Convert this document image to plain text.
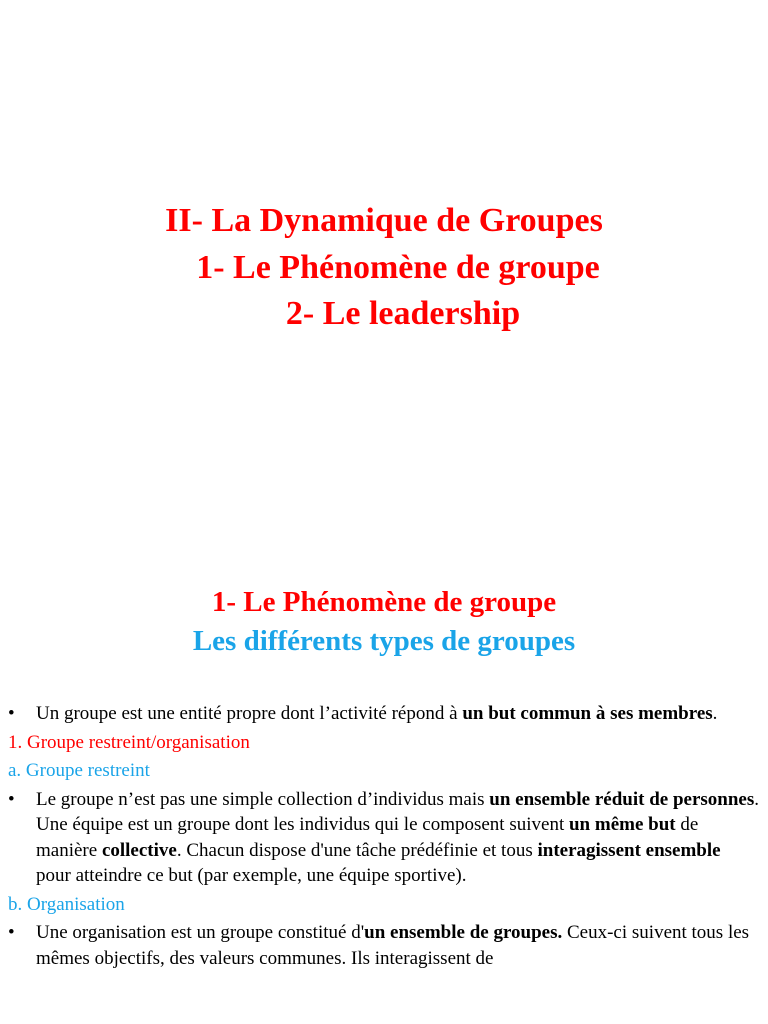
II- La Dynamique de Groupes
1- Le Phénomène de groupe
2- Le leadership
1- Le Phénomène de groupe
Les différents types de groupes
• Un groupe est une entité propre dont l’activité répond à un but commun à ses membres.
1. Groupe restreint/organisation
a. Groupe restreint
• Le groupe n’est pas une simple collection d’individus mais un ensemble réduit de personnes.
Une équipe est un groupe dont les individus qui le composent suivent un même but de manière collective. Chacun dispose d'une tâche prédéfinie et tous interagissent ensemble pour atteindre ce but (par exemple, une équipe sportive).
b. Organisation
• Une organisation est un groupe constitué d'un ensemble de groupes. Ceux-ci suivent tous les mêmes objectifs, des valeurs communes. Ils interagissent de
